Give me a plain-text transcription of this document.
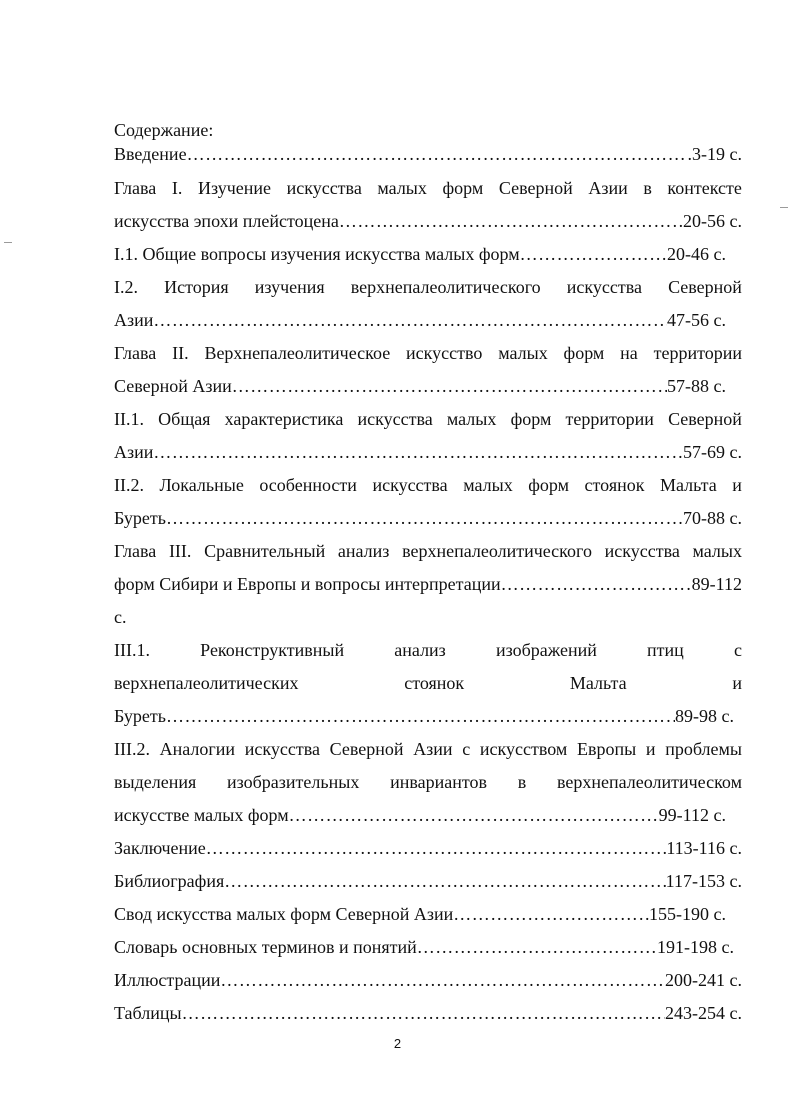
Содержание:
Введение ……………………………………………………………………………………………………………………………………………………………………………	.3-19 с.
Глава I. Изучение искусства малых форм Северной Азии в контексте
искусства эпохи плейстоцена ……………………………………………………………………………………………………………………………………………………………………………	20-56 с.
I.1. Общие вопросы изучения искусства малых форм ……………………………………………………………………………………………………………………………………………………………………………	20-46 с.
I.2. История изучения верхнепалеолитического искусства Северной
Азии ……………………………………………………………………………………………………………………………………………………………………………	47-56 с.
Глава II. Верхнепалеолитическое искусство малых форм на территории
Северной Азии ……………………………………………………………………………………………………………………………………………………………………………	57-88 с.
II.1. Общая характеристика искусства малых форм территории Северной
Азии ……………………………………………………………………………………………………………………………………………………………………………	57-69 с.
II.2. Локальные особенности искусства малых форм стоянок Мальта и
Буреть ……………………………………………………………………………………………………………………………………………………………………………	70-88 с.
Глава III. Сравнительный анализ верхнепалеолитического искусства малых
форм Сибири и Европы и вопросы интерпретации ……………………………………………………………………………………………………………………………………………………………………………	89-112
с.
III.1.	Реконструктивный	анализ	изображений	птиц	с
верхнепалеолитических	стоянок	Мальта	и
Буреть ……………………………………………………………………………………………………………………………………………………………………………	89-98 с.
III.2. Аналогии искусства Северной Азии с искусством Европы и проблемы
выделения изобразительных инвариантов в верхнепалеолитическом
искусстве малых форм ……………………………………………………………………………………………………………………………………………………………………………	99-112 с.
Заключение ……………………………………………………………………………………………………………………………………………………………………………	113-116 с.
Библиография ……………………………………………………………………………………………………………………………………………………………………………	117-153 с.
Свод искусства малых форм Северной Азии ……………………………………………………………………………………………………………………………………………………………………………	155-190 с.
Словарь основных терминов и понятий ……………………………………………………………………………………………………………………………………………………………………………	191-198 с.
Иллюстрации ……………………………………………………………………………………………………………………………………………………………………………	200-241 с.
Таблицы ……………………………………………………………………………………………………………………………………………………………………………	243-254 с.
2
